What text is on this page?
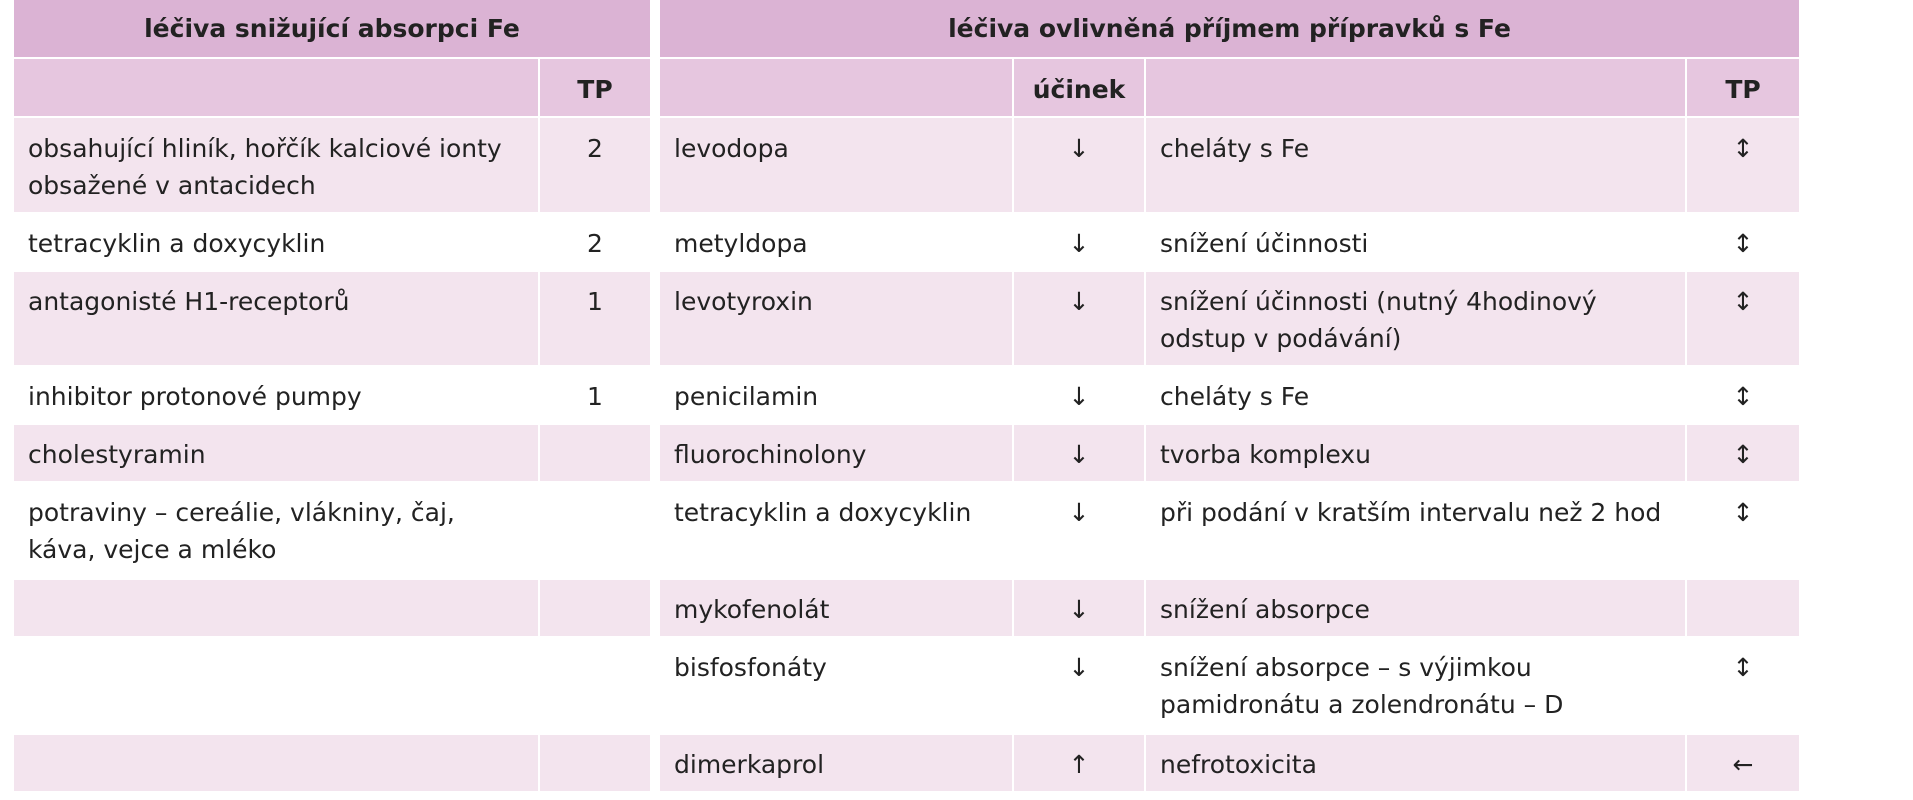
léčiva snižující absorpci Fe		léčiva ovlivněná příjmem přípravků s Fe			
	TP		účinek		TP
obsahující hliník, hořčík kalciové ionty obsažené v antacidech	2	levodopa	↓	cheláty s Fe	↕
tetracyklin a doxycyklin	2	metyldopa	↓	snížení účinnosti	↕
antagonisté H1-receptorů	1	levotyroxin	↓	snížení účinnosti (nutný 4hodinový odstup v podávání)	↕
inhibitor protonové pumpy	1	penicilamin	↓	cheláty s Fe	↕
cholestyramin		fluorochinolony	↓	tvorba komplexu	↕
potraviny – cereálie, vlákniny, čaj, káva, vejce a mléko		tetracyklin a doxycyklin	↓	při podání v kratším intervalu než 2 hod	↕
		mykofenolát	↓	snížení absorpce	
		bisfosfonáty	↓	snížení absorpce – s výjimkou pamidronátu a zolendronátu – D	↕
		dimerkaprol	↑	nefrotoxicita	←
